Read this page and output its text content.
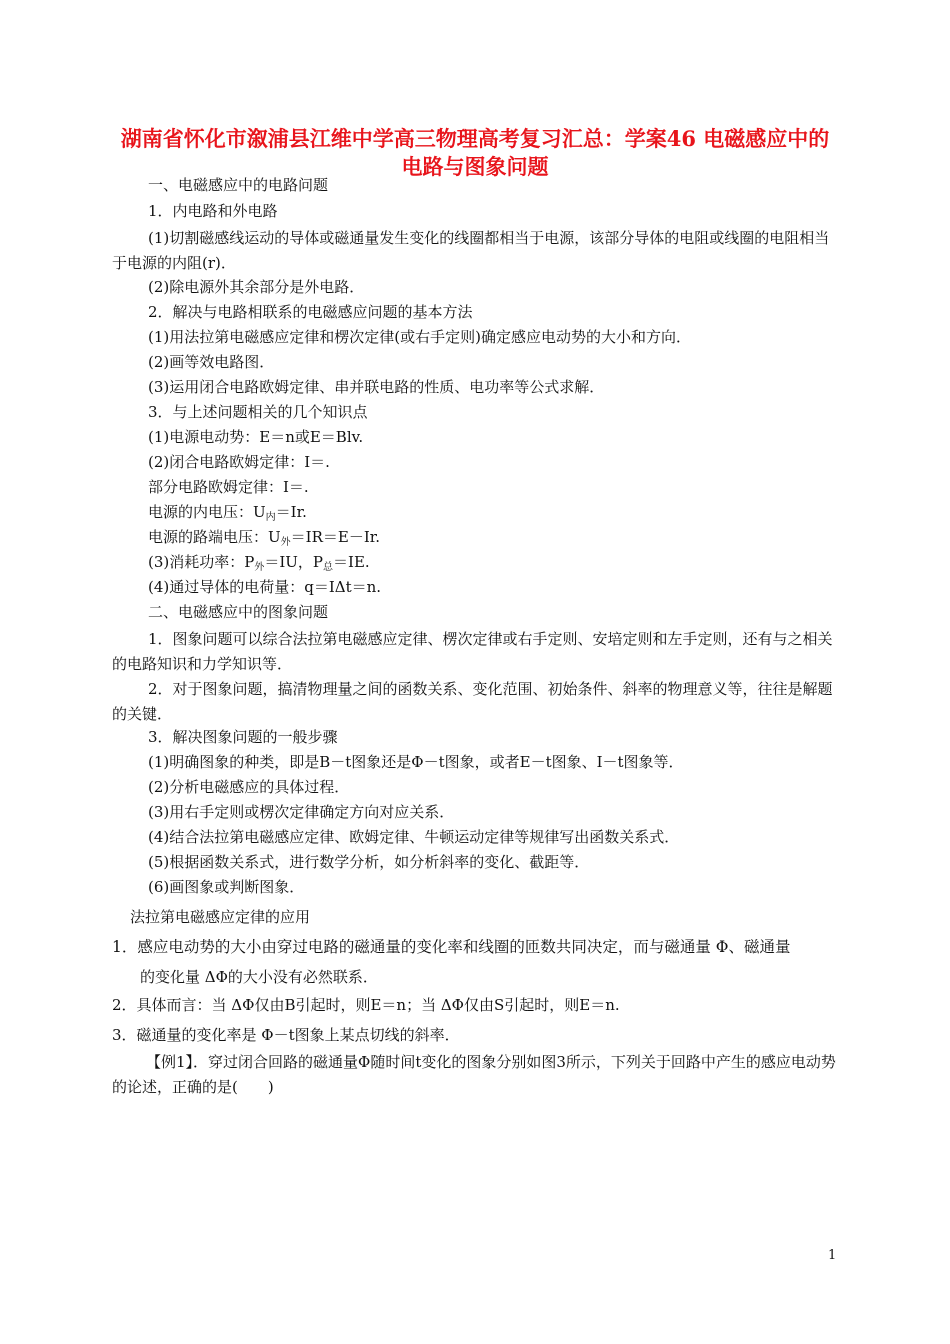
湖南省怀化市溆浦县江维中学高三物理高考复习汇总：学案46 电磁感应中的电路与图象问题
一、电磁感应中的电路问题
1．内电路和外电路
(1)切割磁感线运动的导体或磁通量发生变化的线圈都相当于电源，该部分导体的电阻或线圈的电阻相当于电源的内阻(r)．
(2)除电源外其余部分是外电路．
2．解决与电路相联系的电磁感应问题的基本方法
(1)用法拉第电磁感应定律和楞次定律(或右手定则)确定感应电动势的大小和方向．
(2)画等效电路图．
(3)运用闭合电路欧姆定律、串并联电路的性质、电功率等公式求解．
3．与上述问题相关的几个知识点
(1)电源电动势：E＝n或E＝Blv.
(2)闭合电路欧姆定律：I＝.
部分电路欧姆定律：I＝.
电源的内电压：$U_内=Ir$.
电源的路端电压：$U_外=IR=E-Ir$.
(3)消耗功率：$P_外=IU$，$P_总=IE$.
(4)通过导体的电荷量：q＝IΔt＝n.
二、电磁感应中的图象问题
1．图象问题可以综合法拉第电磁感应定律、楞次定律或右手定则、安培定则和左手定则，还有与之相关的电路知识和力学知识等．
2．对于图象问题，搞清物理量之间的函数关系、变化范围、初始条件、斜率的物理意义等，往往是解题的关键．
3．解决图象问题的一般步骤
(1)明确图象的种类，即是B－t图象还是Φ－t图象，或者E－t图象、I－t图象等．
(2)分析电磁感应的具体过程．
(3)用右手定则或楞次定律确定方向对应关系．
(4)结合法拉第电磁感应定律、欧姆定律、牛顿运动定律等规律写出函数关系式．
(5)根据函数关系式，进行数学分析，如分析斜率的变化、截距等．
(6)画图象或判断图象．
法拉第电磁感应定律的应用
1．感应电动势的大小由穿过电路的磁通量的变化率和线圈的匝数共同决定，而与磁通量 Φ、磁通量
的变化量 ΔΦ的大小没有必然联系．
2．具体而言：当 ΔΦ仅由B引起时，则E＝n；当 ΔΦ仅由S引起时，则E＝n.
3．磁通量的变化率是 Φ－t图象上某点切线的斜率．
【例1】．穿过闭合回路的磁通量Φ随时间t变化的图象分别如图3所示，下列关于回路中产生的感应电动势的论述，正确的是(　　)
1
